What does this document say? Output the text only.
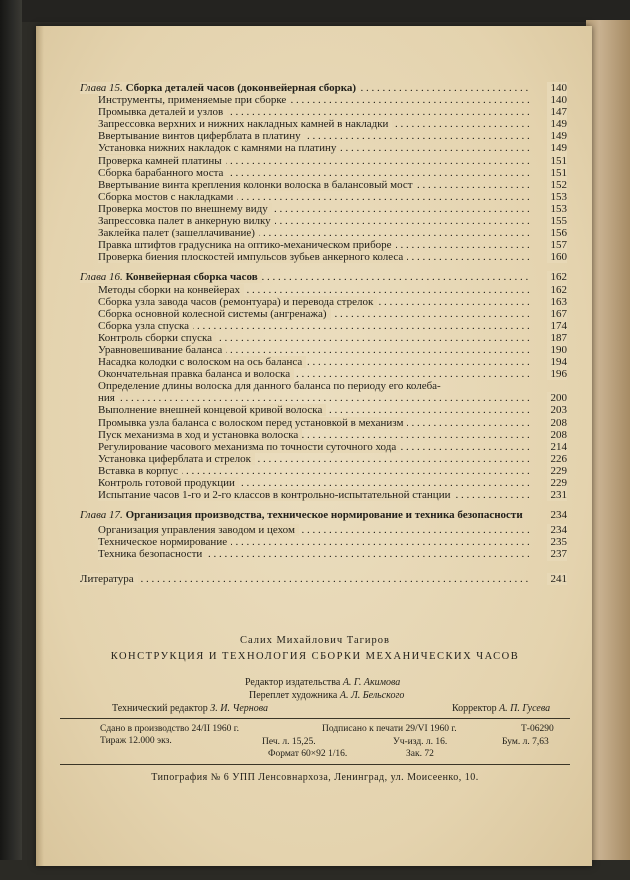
. . .
Глава 15. Сборка деталей часов (доконвейерная сборка)	140
. . .
Инструменты, применяемые при сборке	140
. . .
Промывка деталей и узлов	147
. . .
Запрессовка верхних и нижних накладных камней в накладки	149
. . .
Ввертывание винтов циферблата в платину	149
. . .
Установка нижних накладок с камнями на платину	149
. . .
Проверка камней платины	151
. . .
Сборка барабанного моста	151
. . .
Ввертывание винта крепления колонки волоска в балансовый мост	152
. . .
Сборка мостов с накладками	153
. . .
Проверка мостов по внешнему виду	153
. . .
Запрессовка палет в анкерную вилку	155
. . .
Заклейка палет (зашеллачивание)	156
. . .
Правка штифтов градусника на оптико-механическом приборе	157
. . .
Проверка биения плоскостей импульсов зубьев анкерного колеса	160
. . .
Глава 16. Конвейерная сборка часов	162
. . .
Методы сборки на конвейерах	162
. . .
Сборка узла завода часов (ремонтуара) и перевода стрелок	163
. . .
Сборка основной колесной системы (ангренажа)	167
. . .
Сборка узла спуска	174
. . .
Контроль сборки спуска	187
. . .
Уравновешивание баланса	190
. . .
Насадка колодки с волоском на ось баланса	194
. . .
Окончательная правка баланса и волоска	196
Определение длины волоска для данного баланса по периоду его колеба-
. . .
ния	200
. . .
Выполнение внешней концевой кривой волоска	203
. . .
Промывка узла баланса с волоском перед установкой в механизм	208
. . .
Пуск механизма в ход и установка волоска	208
. . .
Регулирование часового механизма по точности суточного хода	214
. . .
Установка циферблата и стрелок	226
. . .
Вставка в корпус	229
. . .
Контроль готовой продукции	229
. . .
Испытание часов 1-го и 2-го классов в контрольно-испытательной станции	231
Глава 17. Организация производства, техническое нормирование и техника безопасности	234
. . .
Организация управления заводом и цехом	234
. . .
Техническое нормирование	235
. . .
Техника безопасности	237
. . .
Литература	241
Салих Михайлович Тагиров
КОНСТРУКЦИЯ И ТЕХНОЛОГИЯ СБОРКИ МЕХАНИЧЕСКИХ ЧАСОВ
Редактор издательства А. Г. Акимова
Переплет художника А. Л. Бельского
Технический редактор З. И. Чернова	Корректор А. П. Гусева
Сдано в производство 24/II 1960 г.	Подписано к печати 29/VI 1960 г.	Т-06290
Тираж 12.000 экз.	Печ. л. 15,25.	Уч-изд. л. 16.	Бум. л. 7,63
Формат 60×92 1/16.	Зак. 72
Типография № 6 УПП Ленсовнархоза, Ленинград, ул. Моисеенко, 10.
